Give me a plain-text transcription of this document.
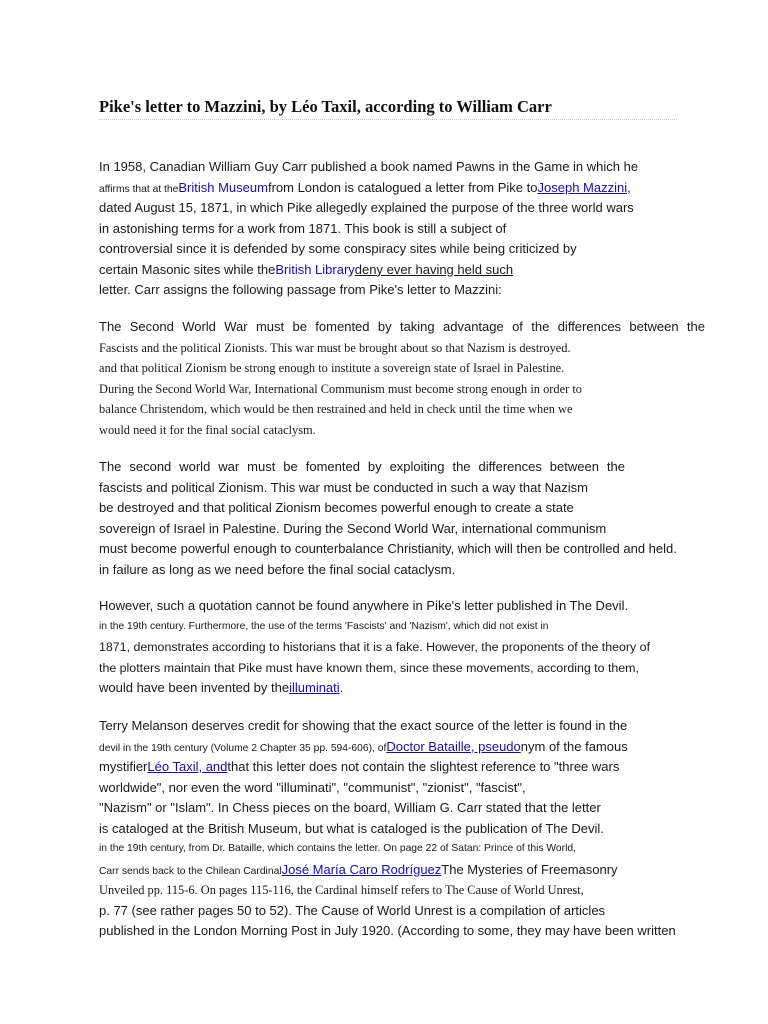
Pike's letter to Mazzini, by Léo Taxil, according to William Carr
In 1958, Canadian William Guy Carr published a book named Pawns in the Game in which he
affirms that at theBritish Museumfrom London is catalogued a letter from Pike toJoseph Mazzini,
dated August 15, 1871, in which Pike allegedly explained the purpose of the three world wars
in astonishing terms for a work from 1871. This book is still a subject of
controversial since it is defended by some conspiracy sites while being criticized by
certain Masonic sites while theBritish Librarydeny ever having held such
letter. Carr assigns the following passage from Pike's letter to Mazzini:
The Second World War must be fomented by taking advantage of the differences between the
Fascists and the political Zionists. This war must be brought about so that Nazism is destroyed.
and that political Zionism be strong enough to institute a sovereign state of Israel in Palestine.
During the Second World War, International Communism must become strong enough in order to
balance Christendom, which would be then restrained and held in check until the time when we
would need it for the final social cataclysm.
The second world war must be fomented by exploiting the differences between the
fascists and political Zionism. This war must be conducted in such a way that Nazism
be destroyed and that political Zionism becomes powerful enough to create a state
sovereign of Israel in Palestine. During the Second World War, international communism
must become powerful enough to counterbalance Christianity, which will then be controlled and held.
in failure as long as we need before the final social cataclysm.
However, such a quotation cannot be found anywhere in Pike's letter published in The Devil.
in the 19th century. Furthermore, the use of the terms 'Fascists' and 'Nazism', which did not exist in
1871, demonstrates according to historians that it is a fake. However, the proponents of the theory of
the plotters maintain that Pike must have known them, since these movements, according to them,
would have been invented by theilluminati.
Terry Melanson deserves credit for showing that the exact source of the letter is found in the
devil in the 19th century (Volume 2 Chapter 35 pp. 594-606), ofDoctor Bataille, pseudonym of the famous
mystifierLéo Taxil, andthat this letter does not contain the slightest reference to "three wars
worldwide", nor even the word "illuminati", "communist", "zionist", "fascist",
"Nazism" or "Islam". In Chess pieces on the board, William G. Carr stated that the letter
is cataloged at the British Museum, but what is cataloged is the publication of The Devil.
in the 19th century, from Dr. Bataille, which contains the letter. On page 22 of Satan: Prince of this World,
Carr sends back to the Chilean CardinalJosé María Caro RodríguezThe Mysteries of Freemasonry
Unveiled pp. 115-6. On pages 115-116, the Cardinal himself refers to The Cause of World Unrest,
p. 77 (see rather pages 50 to 52). The Cause of World Unrest is a compilation of articles
published in the London Morning Post in July 1920. (According to some, they may have been written
